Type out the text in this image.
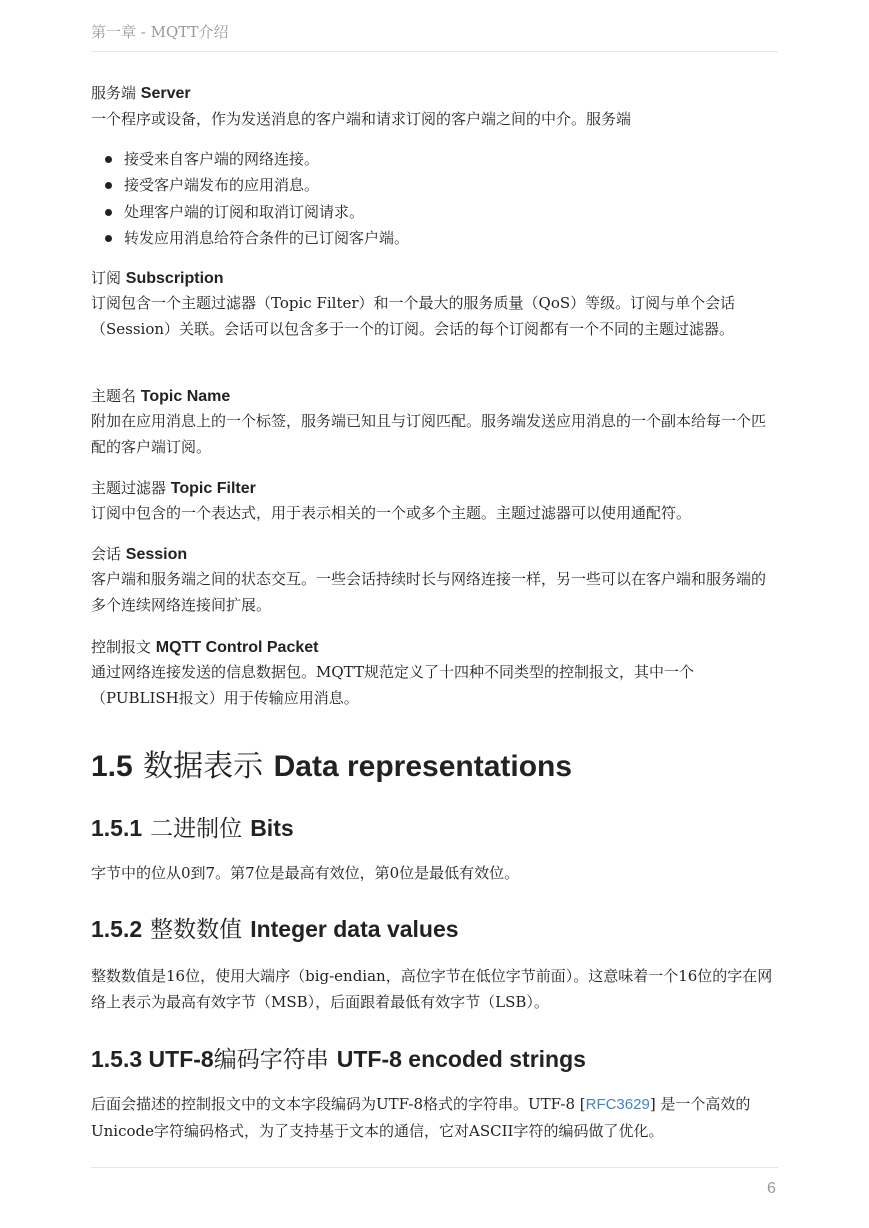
第一章 - MQTT介绍
服务端 Server

一个程序或设备，作为发送消息的客户端和请求订阅的客户端之间的中介。服务端

接受来自客户端的网络连接。
接受客户端发布的应用消息。
处理客户端的订阅和取消订阅请求。
转发应用消息给符合条件的已订阅客户端。
订阅 Subscription

订阅包含一个主题过滤器（Topic Filter）和一个最大的服务质量（QoS）等级。订阅与单个会话（Session）关联。会话可以包含多于一个的订阅。会话的每个订阅都有一个不同的主题过滤器。

主题名 Topic Name

附加在应用消息上的一个标签，服务端已知且与订阅匹配。服务端发送应用消息的一个副本给每一个匹配的客户端订阅。

主题过滤器 Topic Filter

订阅中包含的一个表达式，用于表示相关的一个或多个主题。主题过滤器可以使用通配符。

会话 Session

客户端和服务端之间的状态交互。一些会话持续时长与网络连接一样，另一些可以在客户端和服务端的多个连续网络连接间扩展。

控制报文 MQTT Control Packet

通过网络连接发送的信息数据包。MQTT规范定义了十四种不同类型的控制报文，其中一个（PUBLISH报文）用于传输应用消息。

1.5 数据表示 Data representations
1.5.1 二进制位 Bits

字节中的位从0到7。第7位是最高有效位，第0位是最低有效位。

1.5.2 整数数值 Integer data values

整数数值是16位，使用大端序（big-endian，高位字节在低位字节前面）。这意味着一个16位的字在网络上表示为最高有效字节（MSB），后面跟着最低有效字节（LSB）。

1.5.3 UTF-8编码字符串 UTF-8 encoded strings

后面会描述的控制报文中的文本字段编码为UTF-8格式的字符串。UTF-8 [RFC3629] 是一个高效的Unicode字符编码格式，为了支持基于文本的通信，它对ASCII字符的编码做了优化。

6
